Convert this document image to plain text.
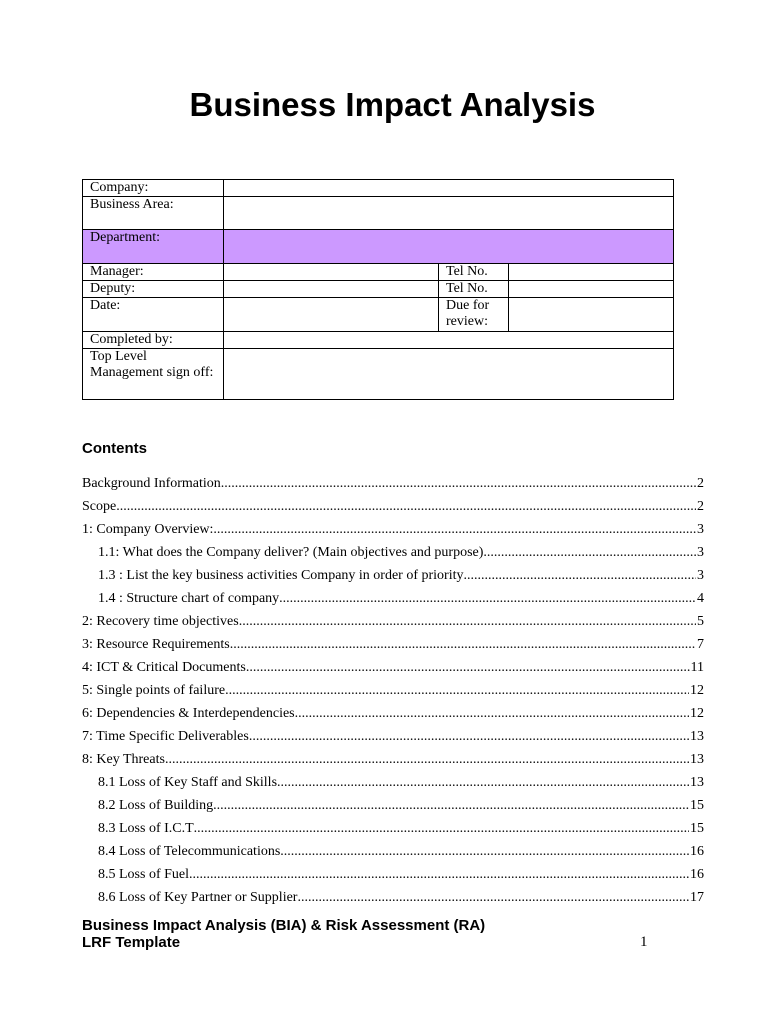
Business Impact Analysis
Company:			
Business Area:			
Department:			
Manager:		Tel No.	
Deputy:		Tel No.	
Date:		Due for review:	
Completed by:			
Top Level Management sign off:			
Contents
Background Information .....	2
Scope .....	2
1: Company Overview: .....	3
1.1: What does the Company deliver? (Main objectives and purpose) .....	3
1.3 : List the key business activities Company in order of priority .....	3
1.4 : Structure chart of company .....	4
2: Recovery time objectives .....	5
3: Resource Requirements .....	7
4: ICT & Critical Documents .....	11
5: Single points of failure .....	12
6: Dependencies & Interdependencies .....	12
7: Time Specific Deliverables .....	13
8: Key Threats .....	13
8.1 Loss of Key Staff and Skills .....	13
8.2 Loss of Building .....	15
8.3 Loss of I.C.T .....	15
8.4 Loss of Telecommunications .....	16
8.5 Loss of Fuel .....	16
8.6 Loss of Key Partner or Supplier .....	17
Business Impact Analysis (BIA) & Risk Assessment (RA)
LRF Template	1
